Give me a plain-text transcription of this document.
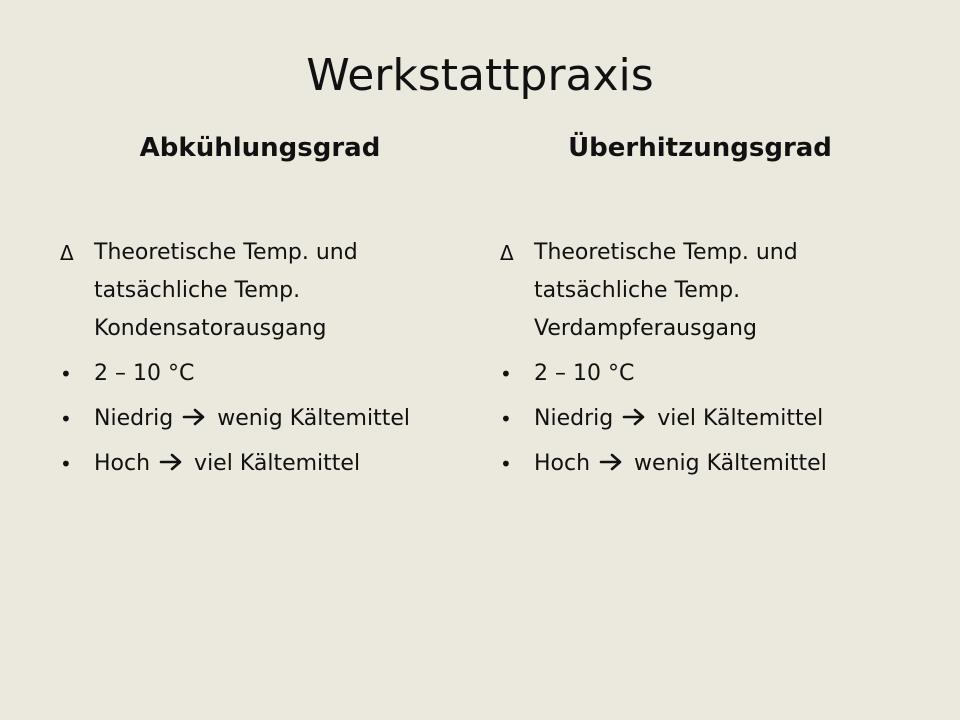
Werkstattpraxis
Abkühlungsgrad
Δ Theoretische Temp. und tatsächliche Temp. Kondensatorausgang
•	2 – 10 °C
•	Niedrig wenig Kältemittel
•	Hoch viel Kältemittel
Überhitzungsgrad
Δ Theoretische Temp. und tatsächliche Temp. Verdampferausgang
•	2 – 10 °C
•	Niedrig viel Kältemittel
•	Hoch wenig Kältemittel
